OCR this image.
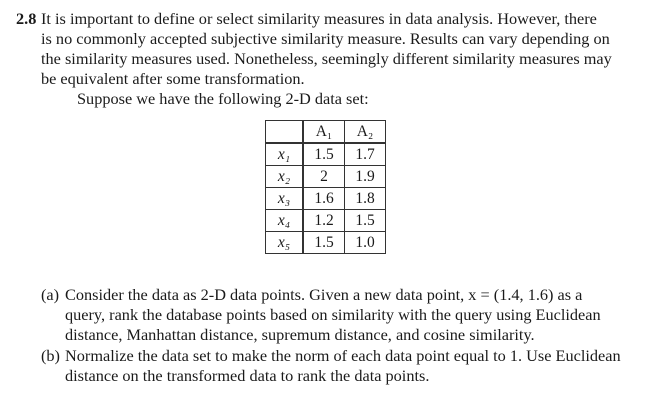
2.8 It is important to define or select similarity measures in data analysis. However, there
is no commonly accepted subjective similarity measure. Results can vary depending on
the similarity measures used. Nonetheless, seemingly different similarity measures may
be equivalent after some transformation.
Suppose we have the following 2-D data set:
	A₁	A₂
x₁	1.5	1.7
x₂	2	1.9
x₃	1.6	1.8
x₄	1.2	1.5
x₅	1.5	1.0
(a) Consider the data as 2-D data points. Given a new data point, x = (1.4, 1.6) as a
query, rank the database points based on similarity with the query using Euclidean
distance, Manhattan distance, supremum distance, and cosine similarity.
(b) Normalize the data set to make the norm of each data point equal to 1. Use Euclidean
distance on the transformed data to rank the data points.
